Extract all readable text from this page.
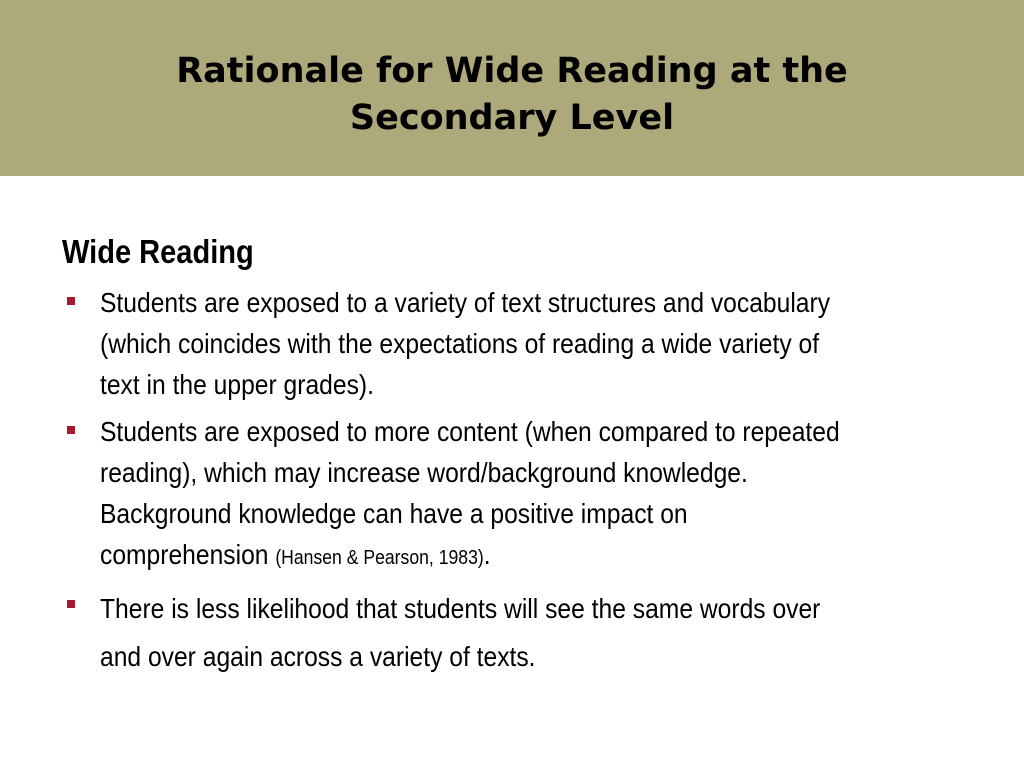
Rationale for Wide Reading at the
Secondary Level
Wide Reading
Students are exposed to a variety of text structures and vocabulary
(which coincides with the expectations of reading a wide variety of
text in the upper grades).
Students are exposed to more content (when compared to repeated
reading), which may increase word/background knowledge.
Background knowledge can have a positive impact on
comprehension (Hansen & Pearson, 1983).
There is less likelihood that students will see the same words over
and over again across a variety of texts.
